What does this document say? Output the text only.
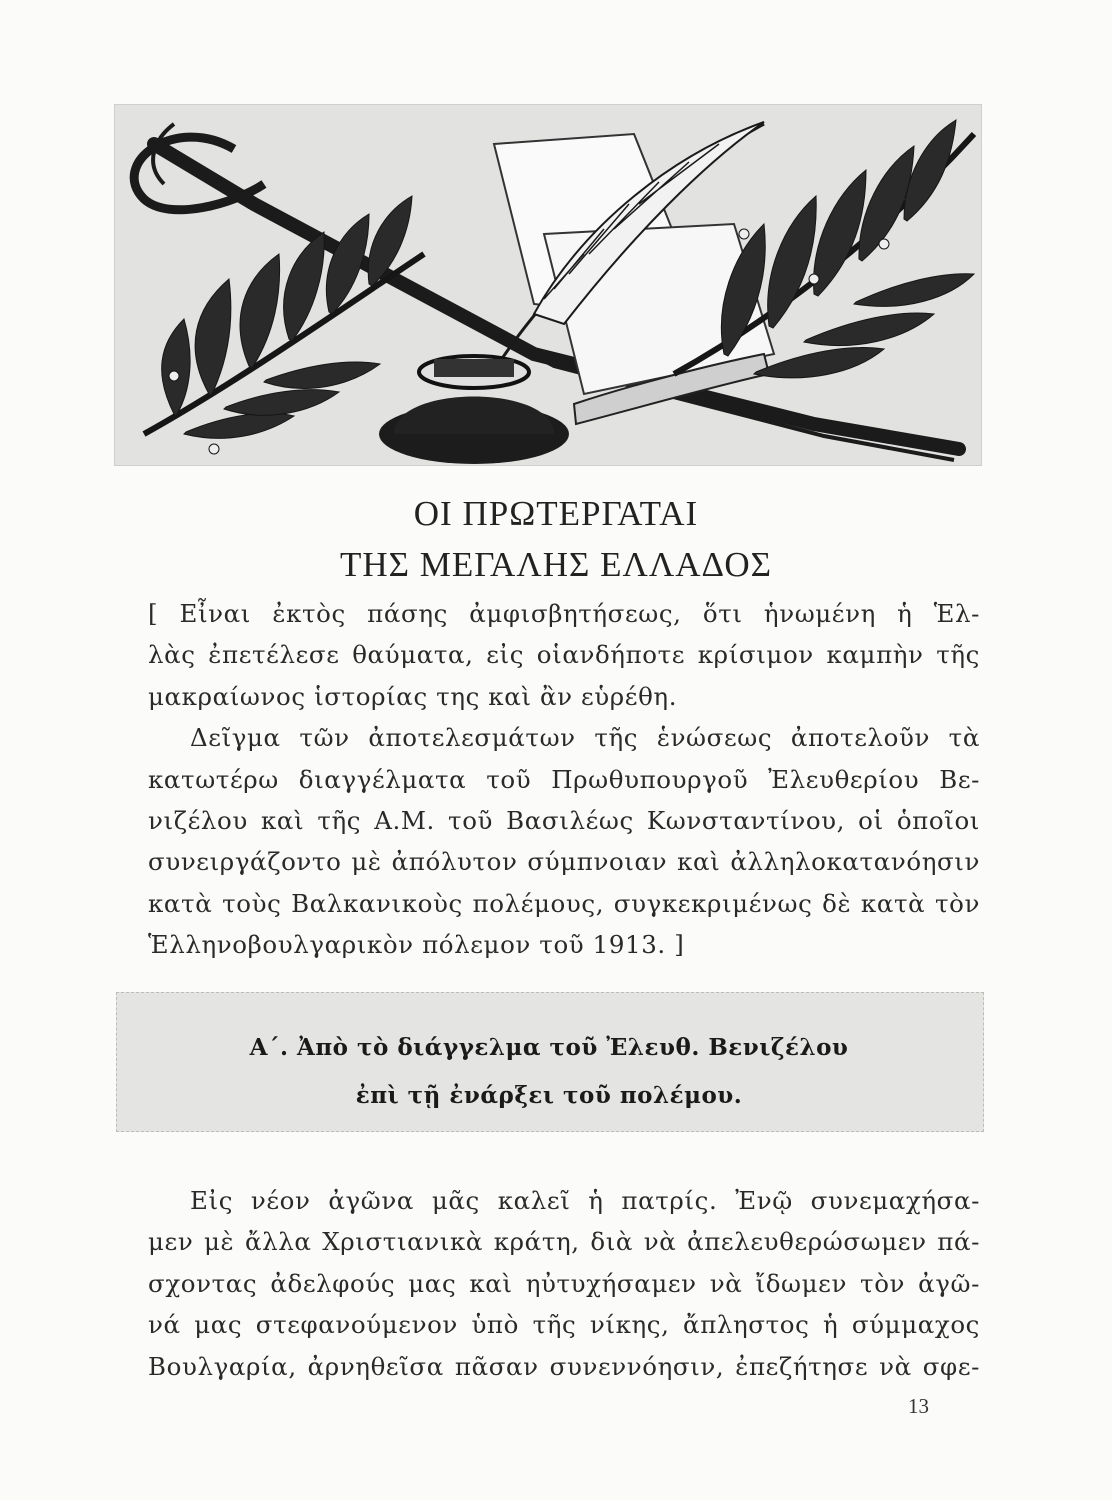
ΟΙ ΠΡΩΤΕΡΓΑΤΑΙ
ΤΗΣ ΜΕΓΑΛΗΣ ΕΛΛΑΔΟΣ
[ Εἶναι ἐκτὸς πάσης ἀμφισβητήσεως, ὅτι ἡνωμένη ἡ Ἑλ-
λὰς ἐπετέλεσε θαύματα, εἰς οἱανδήποτε κρίσιμον καμπὴν τῆς
μακραίωνος ἱστορίας της καὶ ἂν εὑρέθη.
Δεῖγμα τῶν ἀποτελεσμάτων τῆς ἑνώσεως ἀποτελοῦν τὰ
κατωτέρω διαγγέλματα τοῦ Πρωθυπουργοῦ Ἐλευθερίου Βε-
νιζέλου καὶ τῆς Α.Μ. τοῦ Βασιλέως Κωνσταντίνου, οἱ ὁποῖοι
συνειργάζοντο μὲ ἀπόλυτον σύμπνοιαν καὶ ἀλληλοκατανόησιν
κατὰ τοὺς Βαλκανικοὺς πολέμους, συγκεκριμένως δὲ κατὰ τὸν
Ἑλληνοβουλγαρικὸν πόλεμον τοῦ 1913. ]
Α΄. Ἀπὸ τὸ διάγγελμα τοῦ Ἐλευθ. Βενιζέλου
ἐπὶ τῇ ἐνάρξει τοῦ πολέμου.
Εἰς νέον ἀγῶνα μᾶς καλεῖ ἡ πατρίς. Ἐνῷ συνεμαχήσα-
μεν μὲ ἄλλα Χριστιανικὰ κράτη, διὰ νὰ ἀπελευθερώσωμεν πά-
σχοντας ἀδελφούς μας καὶ ηὐτυχήσαμεν νὰ ἴδωμεν τὸν ἀγῶ-
νά μας στεφανούμενον ὑπὸ τῆς νίκης, ἄπληστος ἡ σύμμαχος
Βουλγαρία, ἀρνηθεῖσα πᾶσαν συνεννόησιν, ἐπεζήτησε νὰ σφε-
13
